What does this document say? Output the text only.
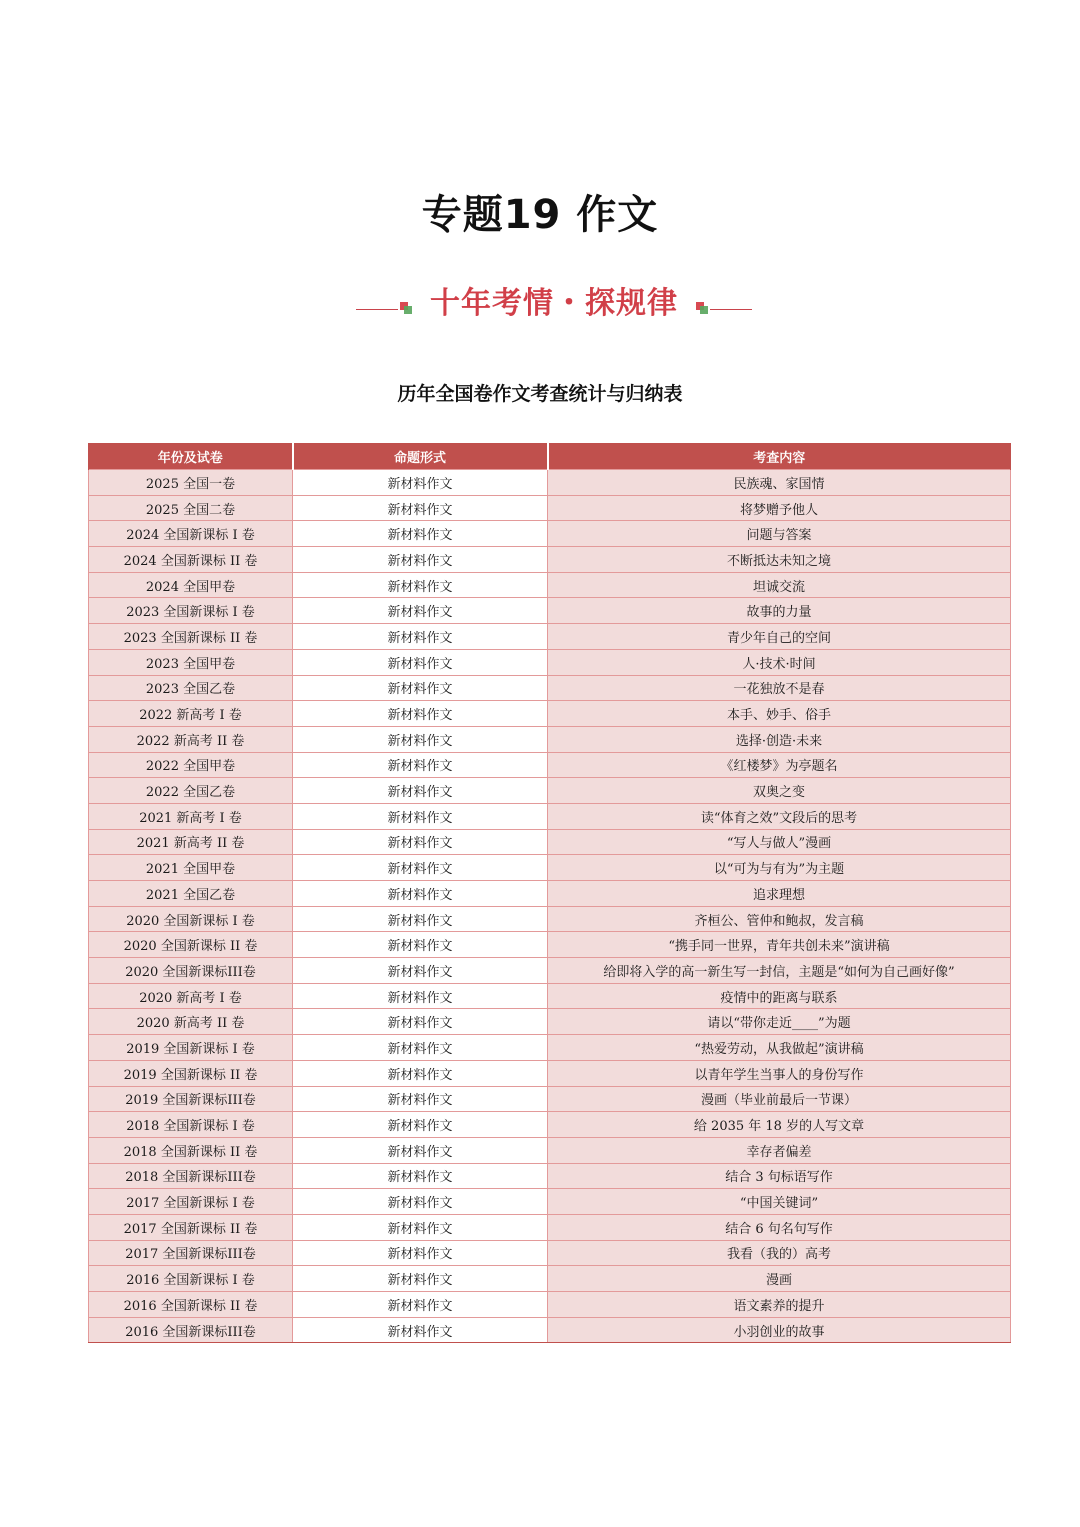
专题19 作文
十年考情・探规律
历年全国卷作文考查统计与归纳表
年份及试卷	命题形式	考查内容
2025 全国一卷	新材料作文	民族魂、家国情
2025 全国二卷	新材料作文	将梦赠予他人
2024 全国新课标 I 卷	新材料作文	问题与答案
2024 全国新课标 II 卷	新材料作文	不断抵达未知之境
2024 全国甲卷	新材料作文	坦诚交流
2023 全国新课标 I 卷	新材料作文	故事的力量
2023 全国新课标 II 卷	新材料作文	青少年自己的空间
2023 全国甲卷	新材料作文	人·技术·时间
2023 全国乙卷	新材料作文	一花独放不是春
2022 新高考 I 卷	新材料作文	本手、妙手、俗手
2022 新高考 II 卷	新材料作文	选择·创造·未来
2022 全国甲卷	新材料作文	《红楼梦》为亭题名
2022 全国乙卷	新材料作文	双奥之变
2021 新高考 I 卷	新材料作文	读“体育之效”文段后的思考
2021 新高考 II 卷	新材料作文	“写人与做人”漫画
2021 全国甲卷	新材料作文	以“可为与有为”为主题
2021 全国乙卷	新材料作文	追求理想
2020 全国新课标 I 卷	新材料作文	齐桓公、管仲和鲍叔，发言稿
2020 全国新课标 II 卷	新材料作文	“携手同一世界，青年共创未来”演讲稿
2020 全国新课标III卷	新材料作文	给即将入学的高一新生写一封信，主题是“如何为自己画好像”
2020 新高考 I 卷	新材料作文	疫情中的距离与联系
2020 新高考 II 卷	新材料作文	请以“带你走近____”为题
2019 全国新课标 I 卷	新材料作文	“热爱劳动，从我做起”演讲稿
2019 全国新课标 II 卷	新材料作文	以青年学生当事人的身份写作
2019 全国新课标III卷	新材料作文	漫画（毕业前最后一节课）
2018 全国新课标 I 卷	新材料作文	给 2035 年 18 岁的人写文章
2018 全国新课标 II 卷	新材料作文	幸存者偏差
2018 全国新课标III卷	新材料作文	结合 3 句标语写作
2017 全国新课标 I 卷	新材料作文	“中国关键词”
2017 全国新课标 II 卷	新材料作文	结合 6 句名句写作
2017 全国新课标III卷	新材料作文	我看（我的）高考
2016 全国新课标 I 卷	新材料作文	漫画
2016 全国新课标 II 卷	新材料作文	语文素养的提升
2016 全国新课标III卷	新材料作文	小羽创业的故事
